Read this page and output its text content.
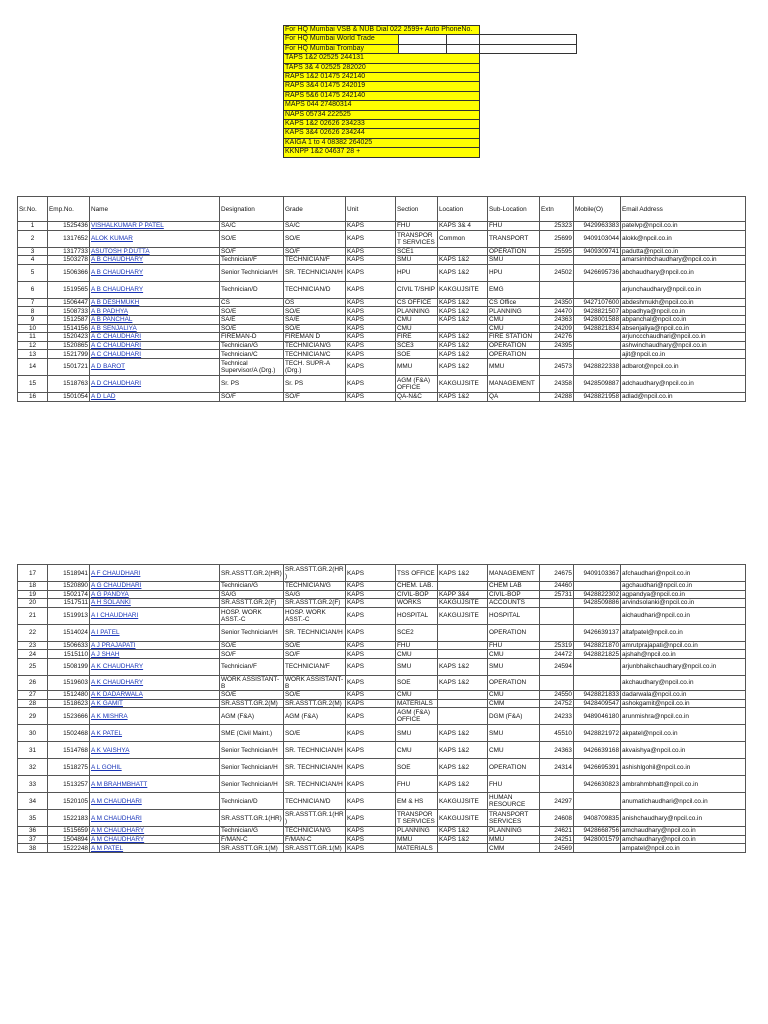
For HQ Mumbai VSB & NUB Dial 022 2599+ Auto PhoneNo.			
For HQ Mumbai World Trade			
For HQ Mumbai Trombay			
TAPS 1&2 02525 244131			
TAPS 3& 4 02525 282020			
RAPS 1&2 01475 242140			
RAPS 3&4 01475 242019			
RAPS 5&6 01475 242140			
MAPS 044 27480314			
NAPS 05734 222525			
KAPS 1&2 02626 234233			
KAPS 3&4 02626 234244			
KAIGA 1 to 4 08382 264025			
KKNPP 1&2 04637 28 +			
Sr.No.	Emp.No.	Name	Designation	Grade	Unit	Section	Location	Sub-Location	Extn	Mobile(O)	Email Address
1	1525436	VISHALKUMAR P PATEL	SA/C	SA/C	KAPS	FHU	KAPS 3& 4	FHU	25323	9429963383	patelvp@npcil.co.in
2	1317652	ALOK KUMAR	SO/E	SO/E	KAPS	TRANSPORT SERVICES	Common	TRANSPORT	25699	9409103044	alokk@npcil.co.in
3	1317733	ASUTOSH P.DUTTA	SO/F	SO/F	KAPS	SCE1		OPERATION	25595	9409309741	padutta@npcil.co.in
4	1503278	A B CHAUDHARY	Technician/F	TECHNICIAN/F	KAPS	SMU	KAPS 1&2	SMU			amarsinhbchaudhary@npcil.co.in
5	1506366	A B CHAUDHARY	Senior Technician/H	SR. TECHNICIAN/H	KAPS	HPU	KAPS 1&2	HPU	24502	9426695736	abchaudhary@npcil.co.in
6	1519565	A B CHAUDHARY	Technician/D	TECHNICIAN/D	KAPS	CIVIL T/SHIP	KAKGUJSITE	EMG			arjunchaudhary@npcil.co.in
7	1506447	A B DESHMUKH	CS	OS	KAPS	CS OFFICE	KAPS 1&2	CS Office	24350	9427107600	abdeshmukh@npcil.co.in
8	1508733	A B PADHYA	SO/E	SO/E	KAPS	PLANNING	KAPS 1&2	PLANNING	24470	9428821507	abpadhya@npcil.co.in
9	1512587	A B PANCHAL	SA/E	SA/E	KAPS	CMU	KAPS 1&2	CMU	24363	9428001588	abpanchal@npcil.co.in
10	1514156	A B SENJALIYA	SO/E	SO/E	KAPS	CMU		CMU	24209	9428821834	absenjaliya@npcil.co.in
11	1520423	A C CHAUDHARI	FIREMAN-D	FIREMAN D	KAPS	FIRE	KAPS 1&2	FIRE STATION	24276		arjunccchaudhari@npcil.co.in
12	1520865	A C CHAUDHARI	Technician/G	TECHNICIAN/G	KAPS	SCE3	KAPS 1&2	OPERATION	24395		ashwinchaudhary@npcil.co.in
13	1521799	A C CHAUDHARI	Technician/C	TECHNICIAN/C	KAPS	SOE	KAPS 1&2	OPERATION			ajit@npcil.co.in
14	1501721	A D BAROT	Technical Supervisor/A (Drg.)	TECH. SUPR-A (Drg.)	KAPS	MMU	KAPS 1&2	MMU	24573	9428822338	adbarot@npcil.co.in
15	1518763	A D CHAUDHARI	Sr. PS	Sr. PS	KAPS	AGM (F&A) OFFICE	KAKGUJSITE	MANAGEMENT	24358	9428509887	adchaudhary@npcil.co.in
16	1501054	A D LAD	SO/F	SO/F	KAPS	QA-N&C	KAPS 1&2	QA	24288	9428821958	adlad@npcil.co.in
17	1518941	A F CHAUDHARI	SR.ASSTT.GR.2(HR)	SR.ASSTT.GR.2(HR)	KAPS	TSS OFFICE	KAPS 1&2	MANAGEMENT	24675	9409103367	afchaudhari@npcil.co.in
18	1520890	A G CHAUDHARI	Technician/G	TECHNICIAN/G	KAPS	CHEM. LAB.		CHEM LAB	24460		agchaudhari@npcil.co.in
19	1502174	A G PANDYA	SA/G	SA/G	KAPS	CIVIL-BOP	KAPP 3&4	CIVIL-BOP	25731	9428822302	agpandya@npcil.co.in
20	1517511	A H SOLANKI	SR.ASSTT.GR.2(F)	SR.ASSTT.GR.2(F)	KAPS	WORKS	KAKGUJSITE	ACCOUNTS		9428509886	arvindsolanki@npcil.co.in
21	1519913	A I CHAUDHARI	HOSP. WORK ASST.-C	HOSP. WORK ASST.-C	KAPS	HOSPITAL	KAKGUJSITE	HOSPITAL			aichaudhari@npcil.co.in
22	1514024	A I PATEL	Senior Technician/H	SR. TECHNICIAN/H	KAPS	SCE2		OPERATION		9426639137	altafpatel@npcil.co.in
23	1506633	A J PRAJAPATI	SO/E	SO/E	KAPS	FHU		FHU	25319	9428821870	amrutprajapati@npcil.co.in
24	1515110	A J SHAH	SO/F	SO/F	KAPS	CMU		CMU	24472	9428821825	ajshah@npcil.co.in
25	1508199	A K CHAUDHARY	Technician/F	TECHNICIAN/F	KAPS	SMU	KAPS 1&2	SMU	24594		arjunbhaikchaudhary@npcil.co.in
26	1519603	A K CHAUDHARY	WORK ASSISTANT-B	WORK ASSISTANT-B	KAPS	SOE	KAPS 1&2	OPERATION			akchaudhary@npcil.co.in
27	1512480	A K DADARWALA	SO/E	SO/E	KAPS	CMU		CMU	24550	9428821833	dadarwala@npcil.co.in
28	1518623	A K GAMIT	SR.ASSTT.GR.2(M)	SR.ASSTT.GR.2(M)	KAPS	MATERIALS		CMM	24752	9428409547	ashokgamit@npcil.co.in
29	1523666	A K MISHRA	AGM (F&A)	AGM (F&A)	KAPS	AGM (F&A) OFFICE		DGM (F&A)	24233	9489046180	arunmishra@npcil.co.in
30	1502468	A K PATEL	SME (Civil Maint.)	SO/E	KAPS	SMU	KAPS 1&2	SMU	45510	9428821972	akpatel@npcil.co.in
31	1514768	A K VAISHYA	Senior Technician/H	SR. TECHNICIAN/H	KAPS	CMU	KAPS 1&2	CMU	24363	9426639168	akvaishya@npcil.co.in
32	1518275	A L GOHIL	Senior Technician/H	SR. TECHNICIAN/H	KAPS	SOE	KAPS 1&2	OPERATION	24314	9426695391	ashishlgohil@npcil.co.in
33	1513257	A M BRAHMBHATT	Senior Technician/H	SR. TECHNICIAN/H	KAPS	FHU	KAPS 1&2	FHU		9426630823	ambrahmbhatt@npcil.co.in
34	1520105	A M CHAUDHARI	Technician/D	TECHNICIAN/D	KAPS	EM & HS	KAKGUJSITE	HUMAN RESOURCE	24297		anumatichaudhari@npcil.co.in
35	1522183	A M CHAUDHARI	SR.ASSTT.GR.1(HR)	SR.ASSTT.GR.1(HR)	KAPS	TRANSPORT SERVICES	KAKGUJSITE	TRANSPORT SERVICES	24608	9408709835	anishchaudhary@npcil.co.in
36	1515659	A M CHAUDHARY	Technician/G	TECHNICIAN/G	KAPS	PLANNING	KAPS 1&2	PLANNING	24621	9428668756	amchaudhary@npcil.co.in
37	1504894	A M CHAUDHARY	F/MAN-C	F/MAN-C	KAPS	MMU	KAPS 1&2	MMU	24251	9428001579	amchaudhary@npcil.co.in
38	1522248	A M PATEL	SR.ASSTT.GR.1(M)	SR.ASSTT.GR.1(M)	KAPS	MATERIALS		CMM	24569		ampatel@npcil.co.in
